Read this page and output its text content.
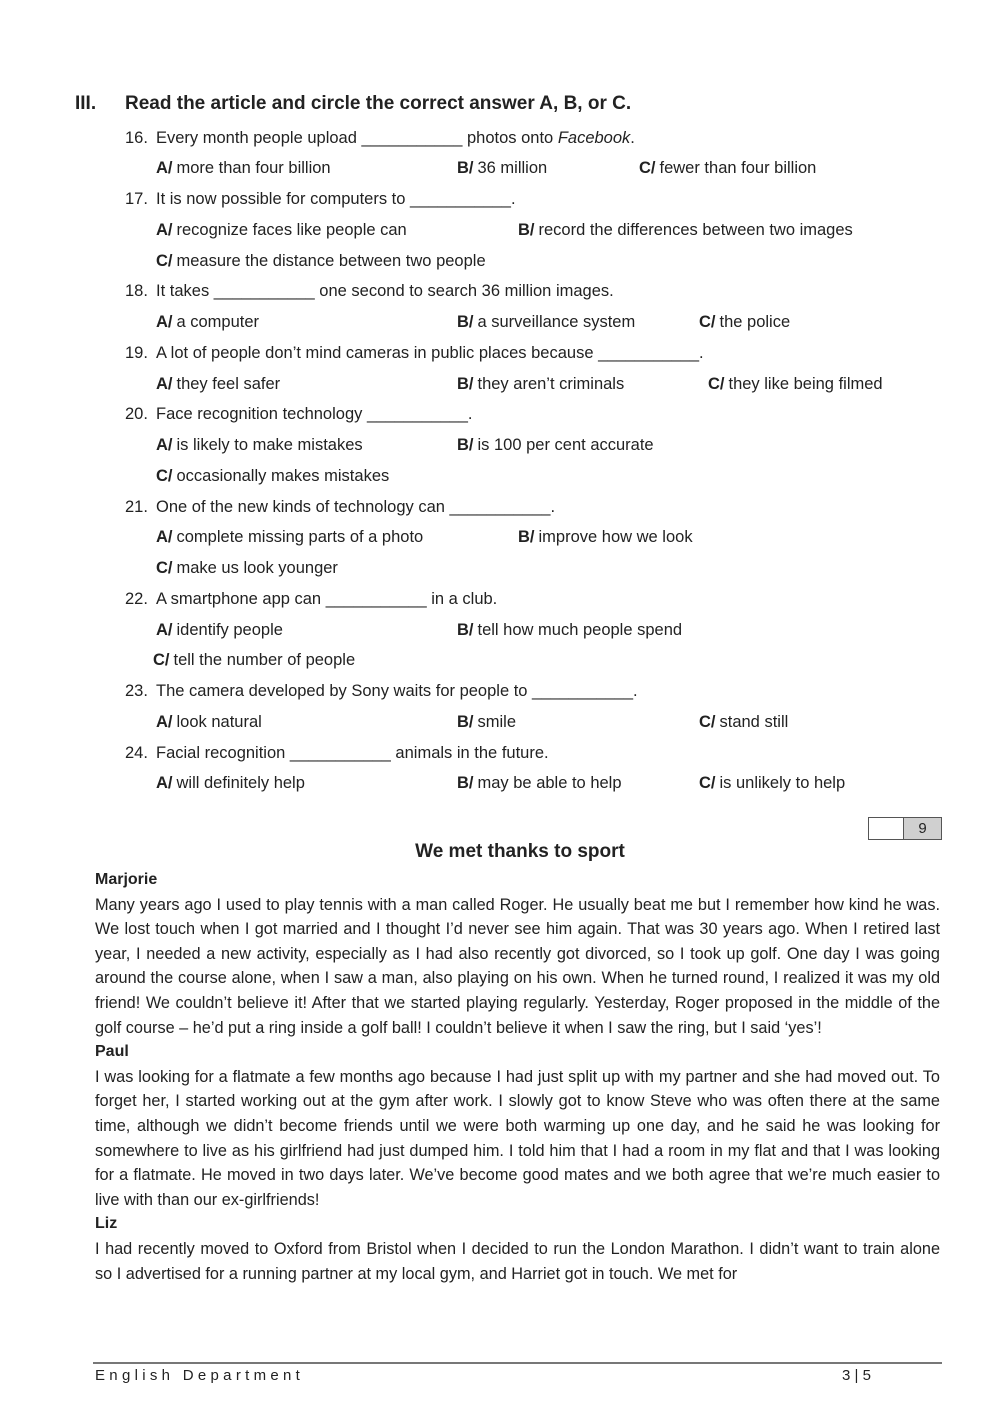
III. Read the article and circle the correct answer A, B, or C.
16. Every month people upload ___________ photos onto Facebook.
A/ more than four billion	B/ 36 million	C/ fewer than four billion
17. It is now possible for computers to ___________.
A/ recognize faces like people can	B/ record the differences between two images
C/ measure the distance between two people
18. It takes ___________ one second to search 36 million images.
A/ a computer	B/ a surveillance system	C/ the police
19. A lot of people don’t mind cameras in public places because ___________.
A/ they feel safer	B/ they aren’t criminals	C/ they like being filmed
20. Face recognition technology ___________.
A/ is likely to make mistakes	B/ is 100 per cent accurate
C/ occasionally makes mistakes
21. One of the new kinds of technology can ___________.
A/ complete missing parts of a photo	B/ improve how we look
C/ make us look younger
22. A smartphone app can ___________ in a club.
A/ identify people	B/ tell how much people spend
C/ tell the number of people
23. The camera developed by Sony waits for people to ___________.
A/ look natural	B/ smile	C/ stand still
24. Facial recognition ___________ animals in the future.
A/ will definitely help	B/ may be able to help	C/ is unlikely to help
9
We met thanks to sport
Marjorie

Many years ago I used to play tennis with a man called Roger. He usually beat me but I remember how kind he was. We lost touch when I got married and I thought I’d never see him again. That was 30 years ago. When I retired last year, I needed a new activity, especially as I had also recently got divorced, so I took up golf. One day I was going around the course alone, when I saw a man, also playing on his own. When he turned round, I realized it was my old friend! We couldn’t believe it! After that we started playing regularly. Yesterday, Roger proposed in the middle of the golf course – he’d put a ring inside a golf ball! I couldn’t believe it when I saw the ring, but I said ‘yes’!

Paul

I was looking for a flatmate a few months ago because I had just split up with my partner and she had moved out. To forget her, I started working out at the gym after work. I slowly got to know Steve who was often there at the same time, although we didn’t become friends until we were both warming up one day, and he said he was looking for somewhere to live as his girlfriend had just dumped him. I told him that I had a room in my flat and that I was looking for a flatmate. He moved in two days later. We’ve become good mates and we both agree that we’re much easier to live with than our ex-girlfriends!

Liz

I had recently moved to Oxford from Bristol when I decided to run the London Marathon. I didn’t want to train alone so I advertised for a running partner at my local gym, and Harriet got in touch. We met for

English Department	3 | 5
